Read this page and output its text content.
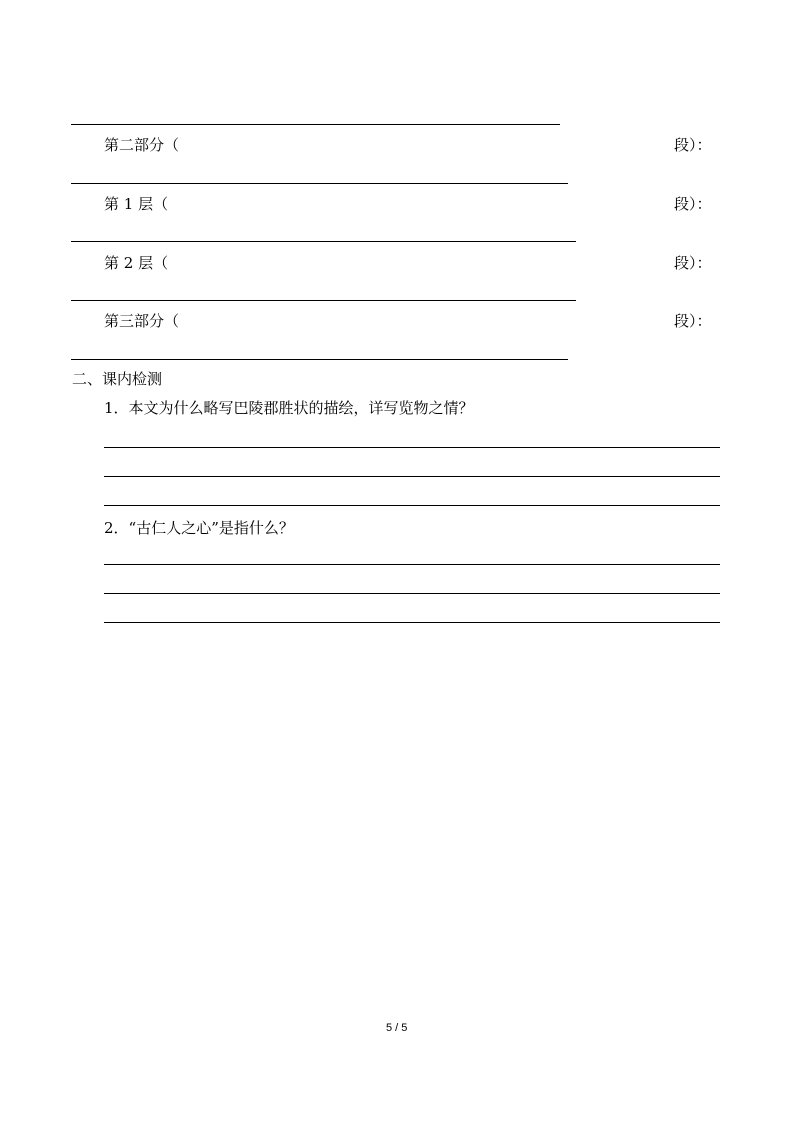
第二部分（	段）：
第 1 层（	段）：
第 2 层（	段）：
第三部分（	段）：
二、课内检测
1．本文为什么略写巴陵郡胜状的描绘，详写览物之情？
2．“古仁人之心”是指什么？
5 / 5
